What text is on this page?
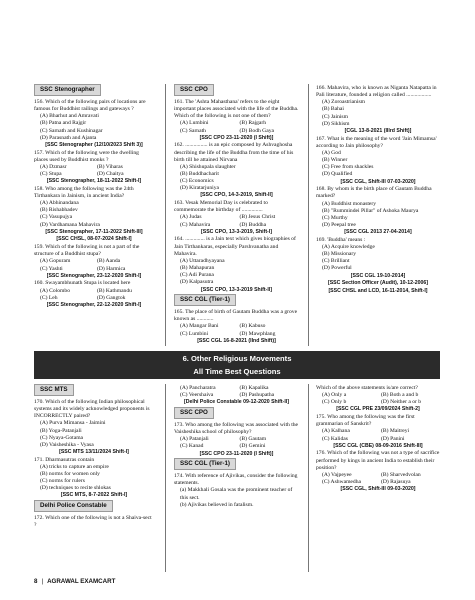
SSC Stenographer
156. Which of the following pairs of locations are famous for Buddhist railings and gateways ?
(A) Bharhut and Amravati
(B) Patna and Rajgir
(C) Sarnath and Kushinagar
(D) Parasnath and Ajanta
[SSC Stenographer (12/10/2023 Shift 3)]
157. Which of the following were the dwelling places used by Buddhist monks ?
(A) Dzmasr	(B) Viharas
(C) Stupa	(D) Chaitya
[SSC Stenographer, 18-11-2022 Shift-I]
158. Who among the following was the 24th Tirthankara in Jainism, in ancient India?
(A) Abhinandana
(B) Rishabhadev
(C) Vasupujya
(D) Vardhamana Mahavira
[SSC Stenographer, 17-11-2022 Shift-III]
[SSC CHSL, 08-07-2024 Shift-I]
159. Which of the following is not a part of the structure of a Buddhist stupa?
(A) Gopuram	(B) Aanda
(C) Yashti	(D) Harmica
[SSC Stenographer, 23-12-2020 Shift-I]
160. Swayambhunath Stupa is located here
(A) Colombo	(B) Kathmandu
(C) Leh	(D) Gangtok
[SSC Stenographer, 22-12-2020 Shift-I]
SSC CPO
161. The 'Ashta Mahasthana' refers to the eight important places associated with the life of the Buddha. Which of the following is not one of them?
(A) Lumbini	(B) Rajgarh
(C) Sarnath	(D) Bodh Gaya
[SSC CPO 23-11-2020 (I Shift)]
162. ................ is an epic composed by Ashvaghosha describing the life of the Buddha from the time of his birth till he attained Nirvana
(A) Shishupala slaughter
(B) Buddhacharit
(C) Economics
(D) Kiratarjuniya
[SSC CPO, 14-3-2019, Shift-II]
163. Vesak Memorial Day is celebrated to commemorate the birthday of ...............
(A) Judas	(B) Jesus Christ
(C) Mahavira	(D) Buddha
[SSC CPO, 13-3-2019, Shift-I]
164. .............. is a Jain text which gives biographies of Jain Tirthankaras, especially Parshvanatha and Mahavira.
(A) Uttaradhyayana
(B) Mahapuran
(C) Adi Purana
(D) Kalpasutra
[SSC CPO, 13-3-2019 Shift-II]
SSC CGL (Tier-1)
165. The place of birth of Gautam Buddha was a grove known as ............
(A) Mangar Bani	(B) Kabuso
(C) Lumbini	(D) Mawphlang
[SSC CGL 16-8-2021 (IInd Shift)]
166. Mahavira, who is known as Niganta Natapatta in Pali literature, founded a religion called ..................
(A) Zoroastrianism
(B) Bahai
(C) Jainism
(D) Sikhism
[CGL 13-8-2021 (IIIrd Shift)]
167. What is the meaning of the word 'Jain Mimamsa' according to Jain philosophy?
(A) God
(B) Winner
(C) Free from shackles
(D) Qualified
[SSC CGL, Shift-III 07-03-2020]
168. By whom is the birth place of Gautam Buddha marked?
(A) Buddhist monastery
(B) "Rummindei Pillar" of Ashoka Maurya
(C) Murthy
(D) Peepal tree
[SSC CGL 2013 27-04-2014]
169. 'Buddha' means :
(A) Acquire knowledge
(B) Missionary
(C) Brilliant
(D) Powerful
[SSC CGL 19-10-2014]
[SSC Section Officer (Audit), 10-12-2006]
[SSC CHSL and LCD, 16-11-2014, Shift-I]
6. Other Religious Movements
All Time Best Questions
SSC MTS
170. Which of the following Indian philosophical systems and its widely acknowledged proponents is INCORRECTLY paired?
(A) Purva Mimansa - Jaimini
(B) Yoga-Patanjali
(C) Nyaya-Gotama
(D) Vaisheshika - Vyasa
[SSC MTS 13/11/2024 Shift-I]
171. Dharmasutras contain
(A) tricks to capture an empire
(B) norms for women only
(C) norms for rulers
(D) techniques to recite shlokas
[SSC MTS, 8-7-2022 Shift-I]
Delhi Police Constable
172. Which one of the following is not a Shaiva-sect ?
(A) Pancharatra	(B) Kapalika
(C) Veershaiva	(D) Pashupatha
[Delhi Police Constable 09-12-2020 Shift-II]
SSC CPO
173. Who among the following was associated with the Vaisheshika school of philosophy?
(A) Patanjali	(B) Gautam
(C) Kanad	(D) Gemini
[SSC CPO 23-11-2020 (I Shift)]
SSC CGL (Tier-1)
174. With reference of Ajivikas, consider the following statements.
(a) Makkhali Gosala was the prominent teacher of this sect.
(b) Ajivikas believed in fatalism.
Which of the above statements is/are correct?
(A) Only a	(B) Both a and b
(C) Only b	(D) Neither a or b
[SSC CGL PRE 23/09/2024 Shift-2]
175. Who among the following was the first grammarian of Sanskrit?
(A) Kalhana	(B) Maitreyi
(C) Kalidas	(D) Panini
[SSC CGL (CBE) 08-09-2016 Shift-III]
176. Which of the following was not a type of sacrifice performed by kings in ancient India to establish their position?
(A) Vajpeyee	(B) Sharvedvolan
(C) Ashwamedha	(D) Rajasuya
[SSC CGL, Shift-III 09-03-2020]
8 | AGRAWAL EXAMCART
